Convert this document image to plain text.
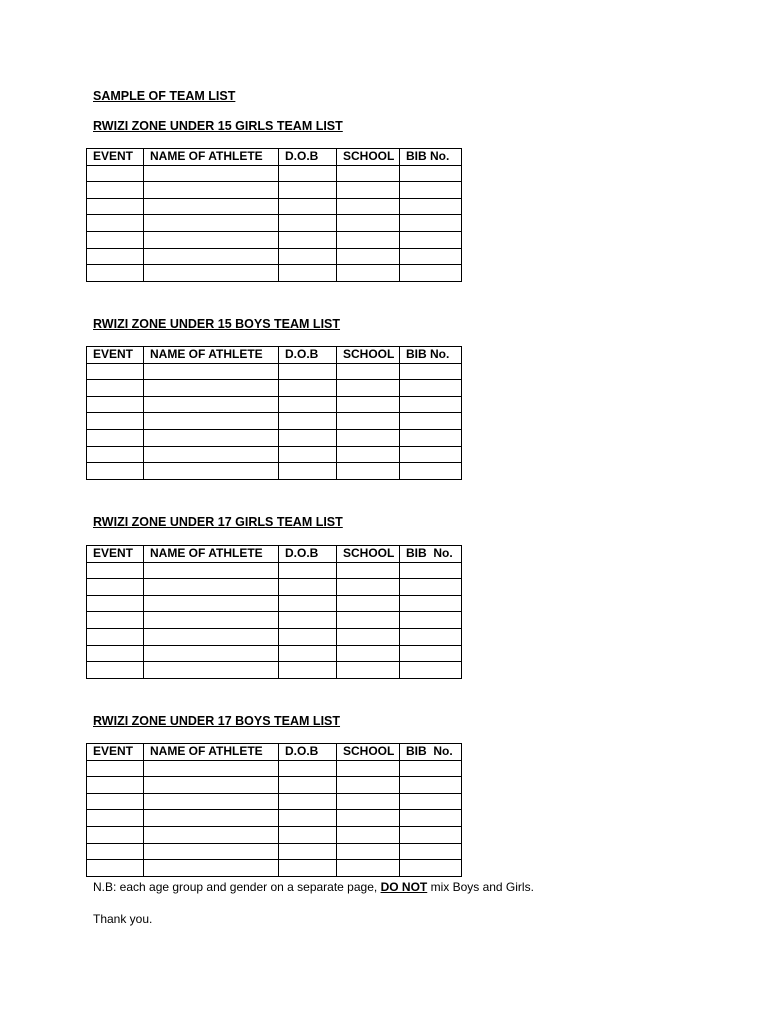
SAMPLE OF TEAM LIST

RWIZI ZONE UNDER 15 GIRLS TEAM LIST

EVENT	NAME OF ATHLETE	D.O.B	SCHOOL	BIB No.

RWIZI ZONE UNDER 15 BOYS TEAM LIST

EVENT	NAME OF ATHLETE	D.O.B	SCHOOL	BIB No.

RWIZI ZONE UNDER 17 GIRLS TEAM LIST

EVENT	NAME OF ATHLETE	D.O.B	SCHOOL	BIB  No.

RWIZI ZONE UNDER 17 BOYS TEAM LIST

EVENT	NAME OF ATHLETE	D.O.B	SCHOOL	BIB  No.

N.B: each age group and gender on a separate page, DO NOT mix Boys and Girls.

Thank you.
